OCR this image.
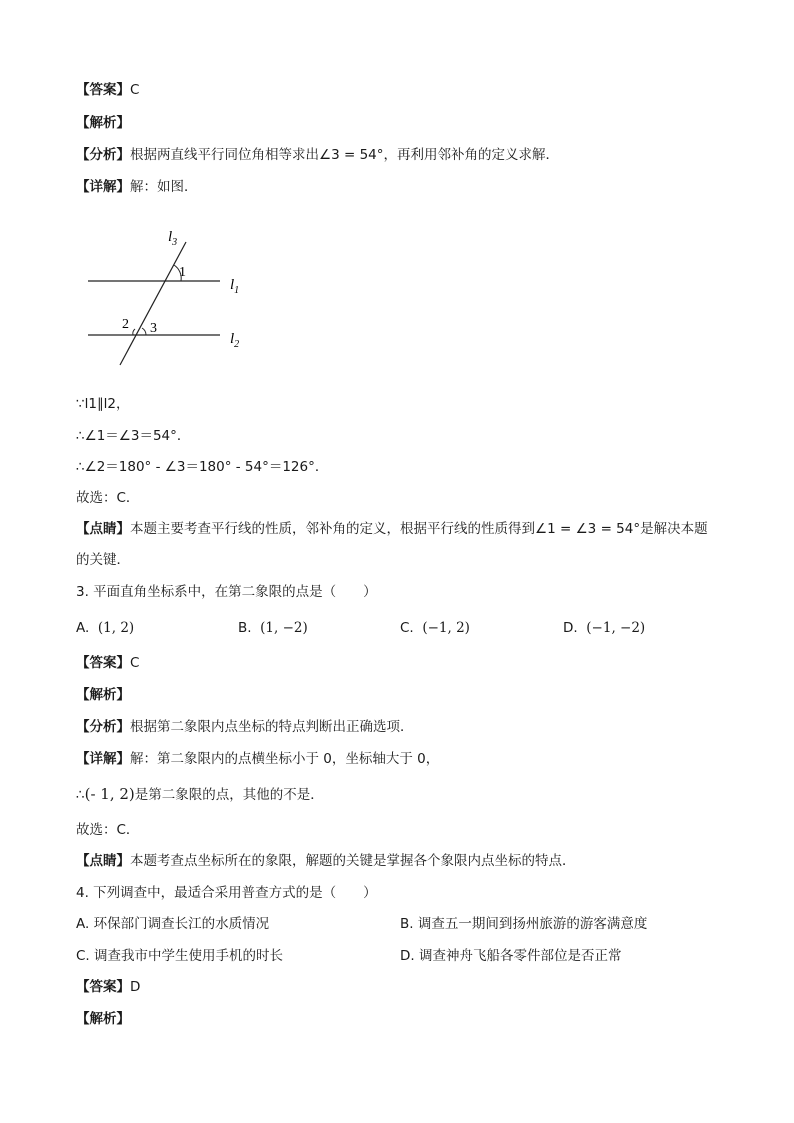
【答案】C
【解析】
【分析】根据两直线平行同位角相等求出∠3 = 54°，再利用邻补角的定义求解．
【详解】解：如图．
$l_3$
$l_1$
$l_2$
1
2 3
∵l1∥l2，
∴∠1＝∠3＝54°．
∴∠2＝180° - ∠3＝180° - 54°＝126°．
故选：C．
【点睛】本题主要考查平行线的性质，邻补角的定义，根据平行线的性质得到∠1 = ∠3 = 54°是解决本题
的关键．
3. 平面直角坐标系中，在第二象限的点是（　　）
A. (1, 2)	B. (1, −2)	C. (−1, 2)	D. (−1, −2)
【答案】C
【解析】
【分析】根据第二象限内点坐标的特点判断出正确选项．
【详解】解：第二象限内的点横坐标小于 0，坐标轴大于 0，
∴(- 1, 2)是第二象限的点，其他的不是．
故选：C．
【点睛】本题考查点坐标所在的象限，解题的关键是掌握各个象限内点坐标的特点．
4. 下列调查中，最适合采用普查方式的是（　　）
A. 环保部门调查长江的水质情况	B. 调查五一期间到扬州旅游的游客满意度
C. 调查我市中学生使用手机的时长	D. 调查神舟飞船各零件部位是否正常
【答案】D
【解析】
